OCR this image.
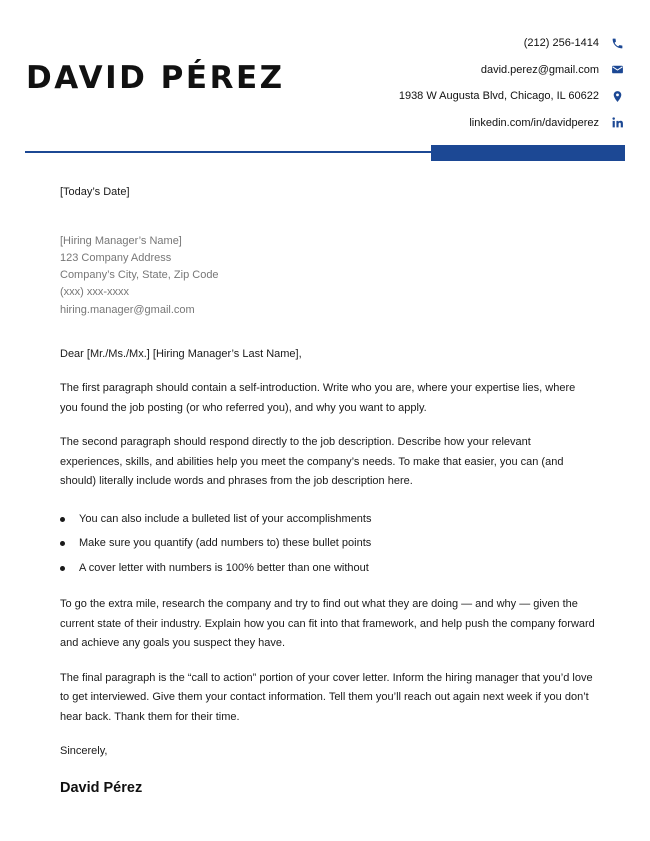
DAVID PÉREZ
(212) 256-1414
david.perez@gmail.com
1938 W Augusta Blvd, Chicago, IL 60622
linkedin.com/in/davidperez

[Today’s Date]

[Hiring Manager’s Name]
123 Company Address
Company’s City, State, Zip Code
(xxx) xxx-xxxx
hiring.manager@gmail.com

Dear [Mr./Ms./Mx.] [Hiring Manager’s Last Name],

The first paragraph should contain a self-introduction. Write who you are, where your expertise lies, where you found the job posting (or who referred you), and why you want to apply.

The second paragraph should respond directly to the job description. Describe how your relevant experiences, skills, and abilities help you meet the company’s needs. To make that easier, you can (and should) literally include words and phrases from the job description here.

You can also include a bulleted list of your accomplishments
Make sure you quantify (add numbers to) these bullet points
A cover letter with numbers is 100% better than one without

To go the extra mile, research the company and try to find out what they are doing — and why — given the current state of their industry. Explain how you can fit into that framework, and help push the company forward and achieve any goals you suspect they have.

The final paragraph is the “call to action” portion of your cover letter. Inform the hiring manager that you’d love to get interviewed. Give them your contact information. Tell them you’ll reach out again next week if you don’t hear back. Thank them for their time.

Sincerely,

David Pérez
